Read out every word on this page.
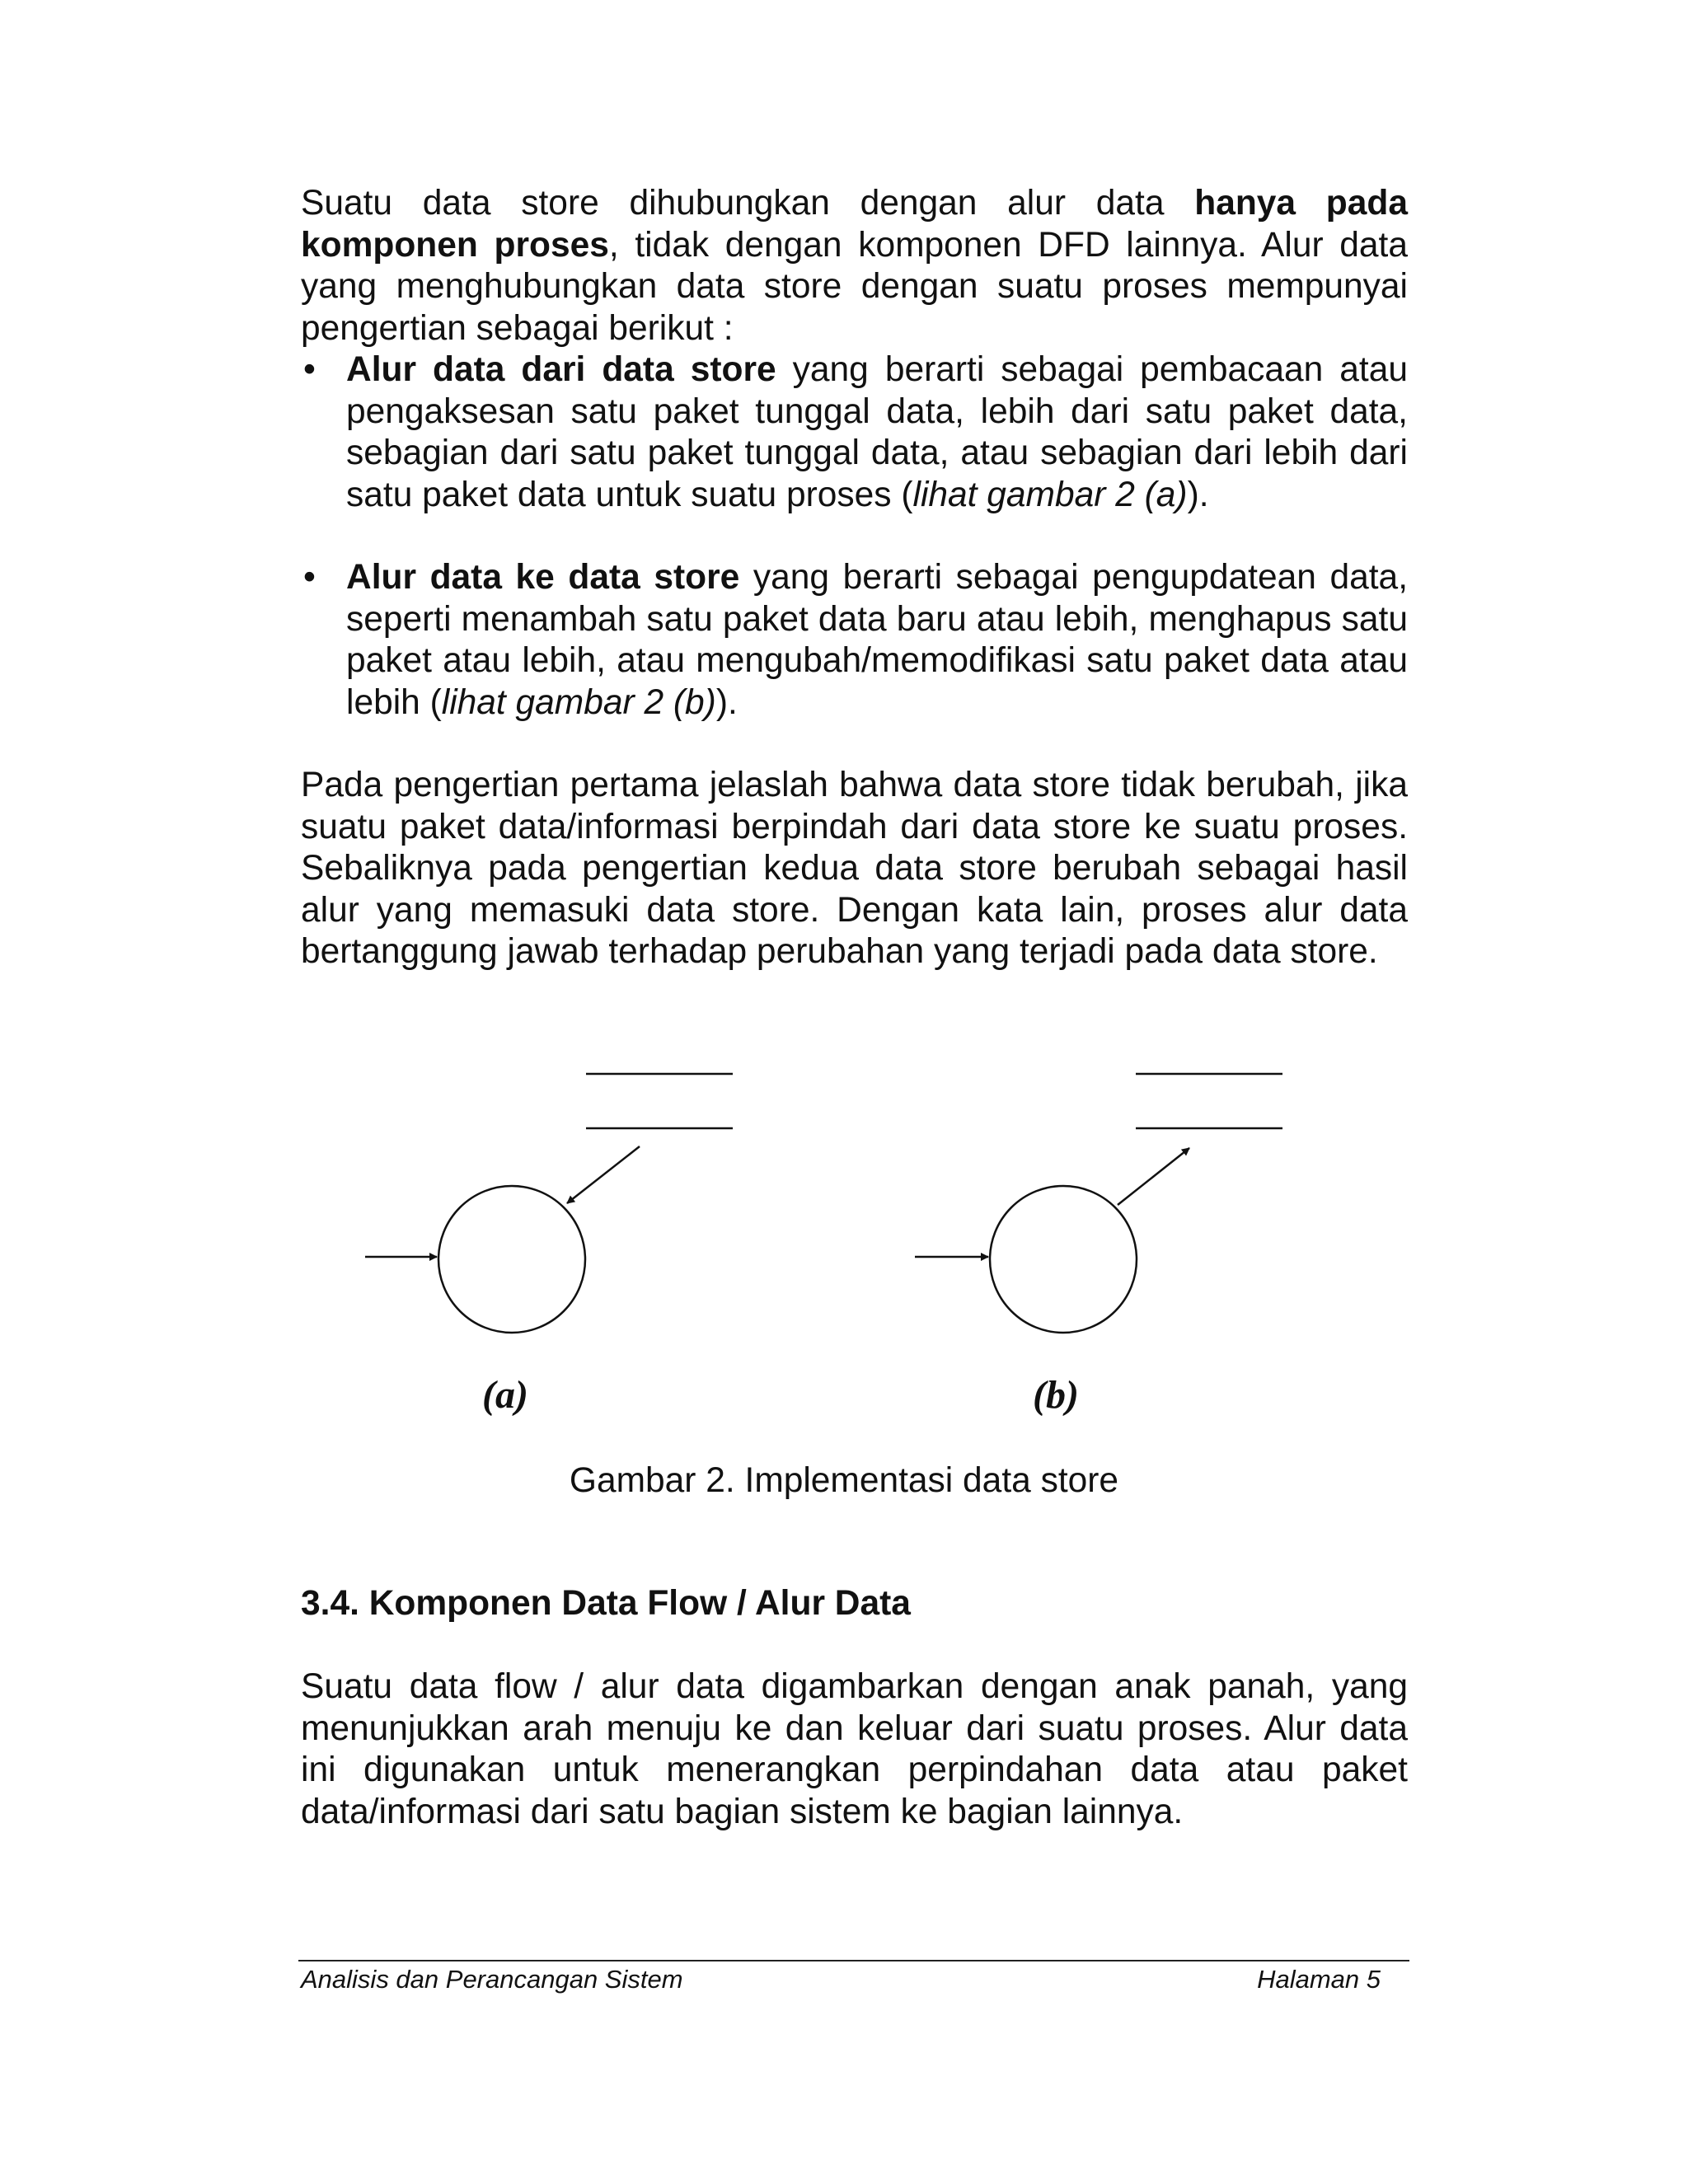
Suatu data store dihubungkan dengan alur data hanya pada komponen proses, tidak dengan komponen DFD lainnya. Alur data yang menghubungkan data store dengan suatu proses mempunyai pengertian sebagai berikut :

• Alur data dari data store yang berarti sebagai pembacaan atau pengaksesan satu paket tunggal data, lebih dari satu paket data, sebagian dari satu paket tunggal data, atau sebagian dari lebih dari satu paket data untuk suatu proses (lihat gambar 2 (a)).
• Alur data ke data store yang berarti sebagai pengupdatean data, seperti menambah satu paket data baru atau lebih, menghapus satu paket atau lebih, atau mengubah/memodifikasi satu paket data atau lebih (lihat gambar 2 (b)).

Pada pengertian pertama jelaslah bahwa data store tidak berubah, jika suatu paket data/informasi berpindah dari data store ke suatu proses. Sebaliknya pada pengertian kedua data store berubah sebagai hasil alur yang memasuki data store. Dengan kata lain, proses alur data bertanggung jawab terhadap perubahan yang terjadi pada data store.

(a)	(b)
Gambar 2. Implementasi data store
3.4. Komponen Data Flow / Alur Data

Suatu data flow / alur data digambarkan dengan anak panah, yang menunjukkan arah menuju ke dan keluar dari suatu proses. Alur data ini digunakan untuk menerangkan perpindahan data atau paket data/informasi dari satu bagian sistem ke bagian lainnya.

Analisis dan Perancangan Sistem	Halaman 5
